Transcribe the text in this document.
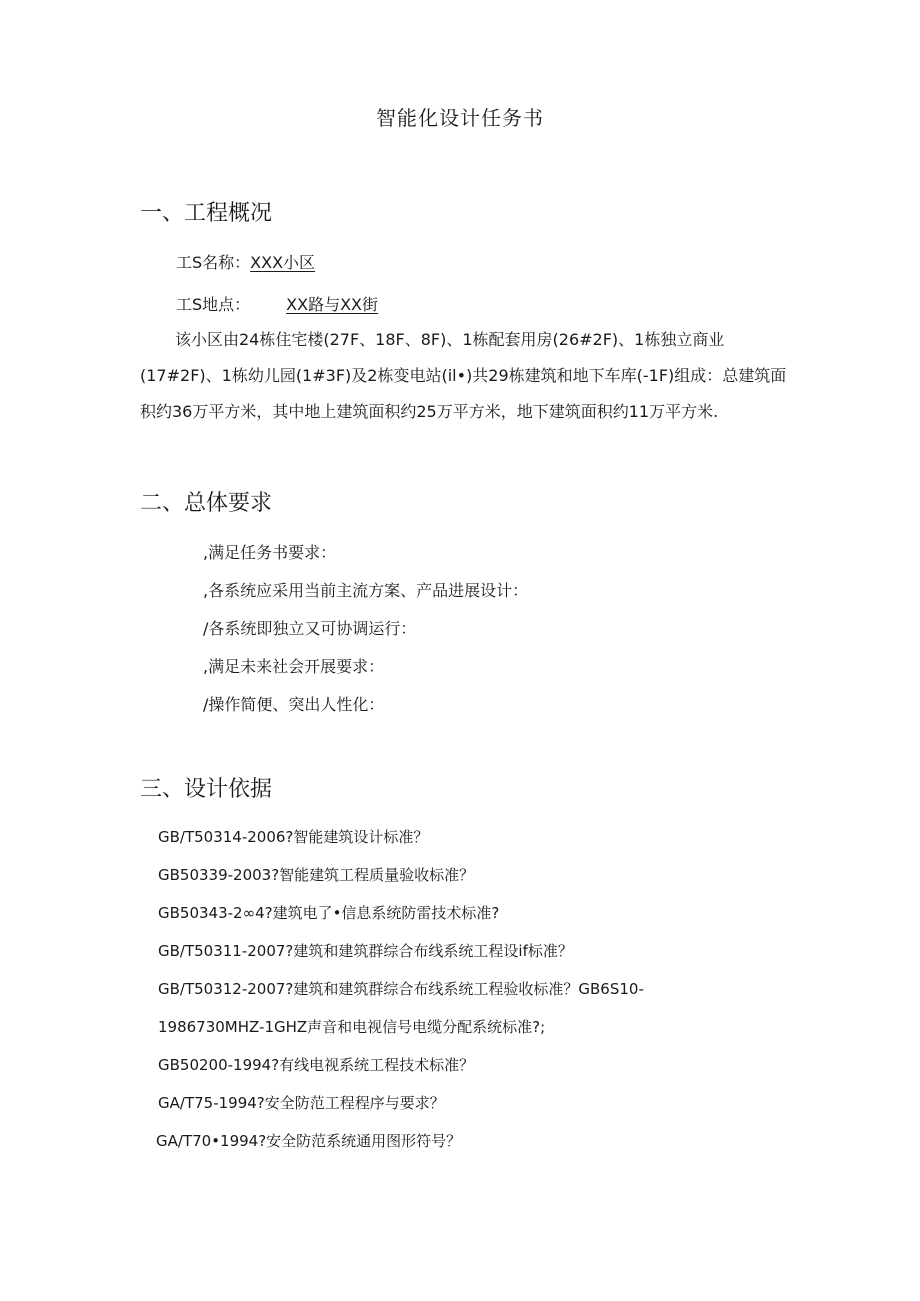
智能化设计任务书
一、工程概况
工S名称：XXX小区
工S地点： XX路与XX街

该小区由24栋住宅楼(27F、18F、8F)、1栋配套用房(26#2F)、1栋独立商业(17#2F)、1栋幼儿园(1#3F)及2栋变电站(il•)共29栋建筑和地下车库(-1F)组成：总建筑面积约36万平方米，其中地上建筑面积约25万平方米，地下建筑面积约11万平方米.

二、总体要求
,满足任务书要求：
,各系统应采用当前主流方案、产品进展设计：
/各系统即独立又可协调运行：
,满足未来社会开展要求：
/操作简便、突出人性化：
三、设计依据
GB/T50314-2006?智能建筑设计标准？
GB50339-2003?智能建筑工程质量验收标准？
GB50343-2∞4?建筑电了•信息系统防雷技术标准?
GB/T50311-2007?建筑和建筑群综合布线系统工程设if标准？
GB/T50312-2007?建筑和建筑群综合布线系统工程验收标准？GB6S10-
1986730MHZ-1GHZ声音和电视信号电缆分配系统标准?;
GB50200-1994?有线电视系统工程技术标准？
GA/T75-1994?安全防范工程程序与要求？
GA/T70•1994?安全防范系统通用图形符号？
